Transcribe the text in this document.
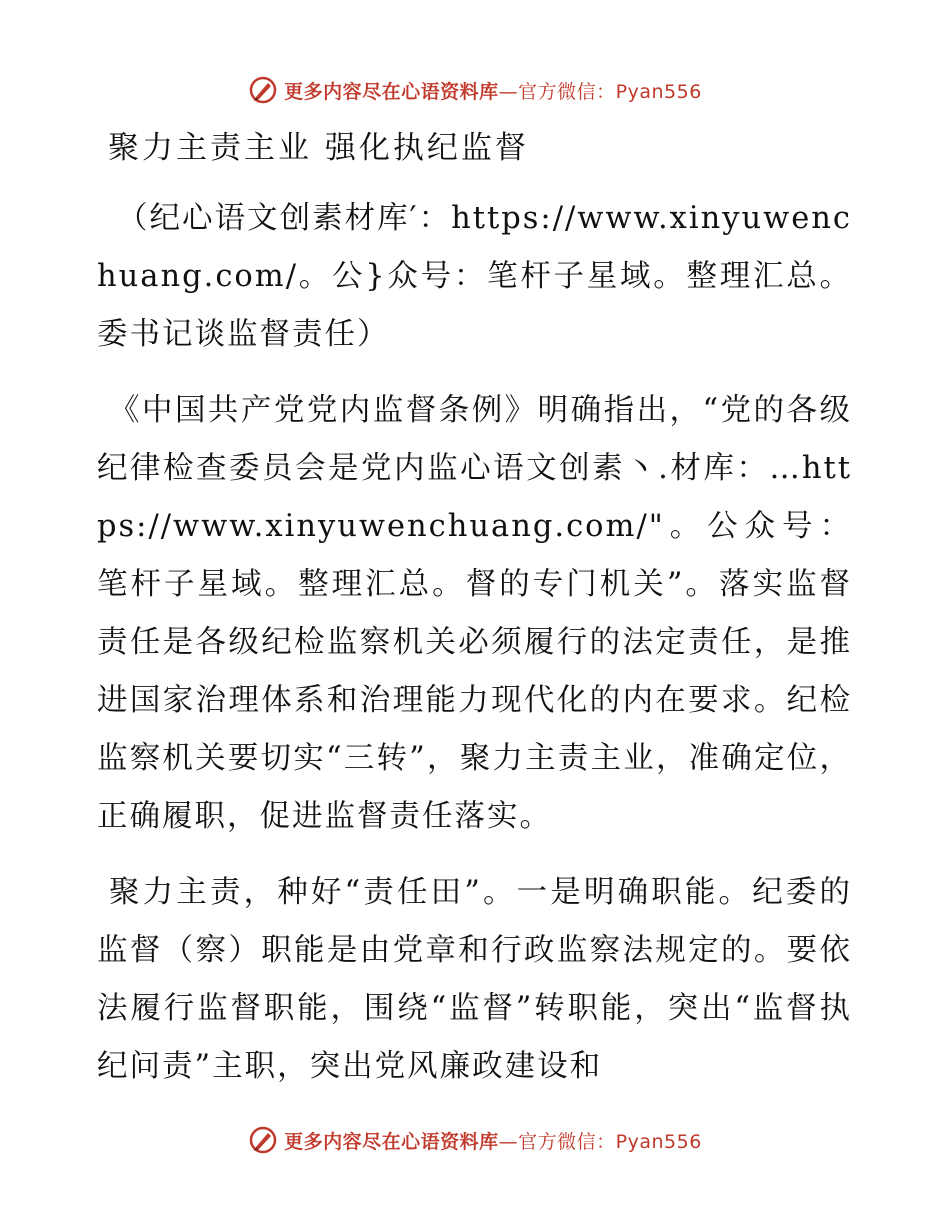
更多内容尽在心语资料库—官方微信：Pyan556
聚力主责主业 强化执纪监督

（纪心语文创素材库′：https://www.xinyuwenchuang.com/。公}众号：笔杆子星域。整理汇总。委书记谈监督责任）

《中国共产党党内监督条例》明确指出，“党的各级纪律检查委员会是党内监心语文创素丶.材库：…https://www.xinyuwenchuang.com/"。公众号：笔杆子星域。整理汇总。督的专门机关”。落实监督责任是各级纪检监察机关必须履行的法定责任，是推进国家治理体系和治理能力现代化的内在要求。纪检监察机关要切实“三转”，聚力主责主业，准确定位，正确履职，促进监督责任落实。

聚力主责，种好“责任田”。一是明确职能。纪委的监督（察）职能是由党章和行政监察法规定的。要依法履行监督职能，围绕“监督”转职能，突出“监督执纪问责”主职，突出党风廉政建设和

更多内容尽在心语资料库—官方微信：Pyan556
